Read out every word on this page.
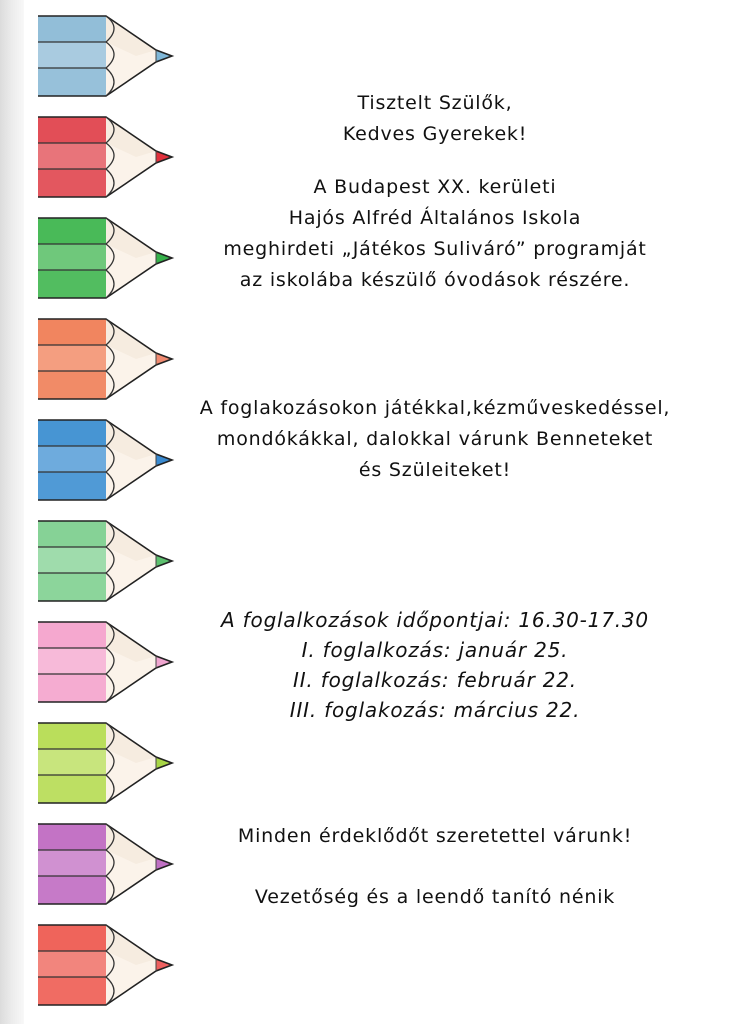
Tisztelt Szülők,
Kedves Gyerekek!
A Budapest XX. kerületi
Hajós Alfréd Általános Iskola
meghirdeti „Játékos Suliváró” programját
az iskolába készülő óvodások részére.
A foglakozásokon játékkal,kézműveskedéssel,
mondókákkal, dalokkal várunk Benneteket
és Szüleiteket!
A foglalkozások időpontjai: 16.30-17.30
I. foglalkozás: január 25.
II. foglalkozás: február 22.
III. foglakozás: március 22.
Minden érdeklődőt szeretettel várunk!
Vezetőség és a leendő tanító nénik
